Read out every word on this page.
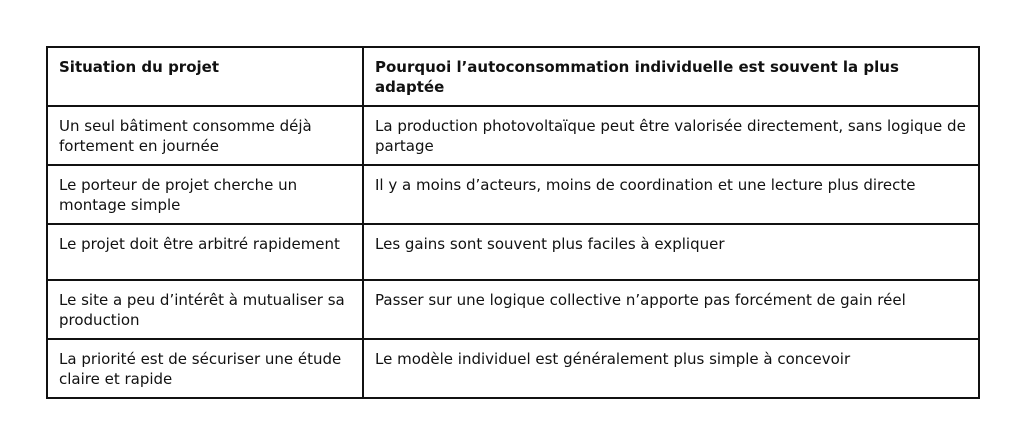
Situation du projet	Pourquoi l’autoconsommation individuelle est souvent la plus adaptée
Un seul bâtiment consomme déjà fortement en journée	La production photovoltaïque peut être valorisée directement, sans logique de partage
Le porteur de projet cherche un montage simple	Il y a moins d’acteurs, moins de coordination et une lecture plus directe
Le projet doit être arbitré rapidement	Les gains sont souvent plus faciles à expliquer
Le site a peu d’intérêt à mutualiser sa production	Passer sur une logique collective n’apporte pas forcément de gain réel
La priorité est de sécuriser une étude claire et rapide	Le modèle individuel est généralement plus simple à concevoir
